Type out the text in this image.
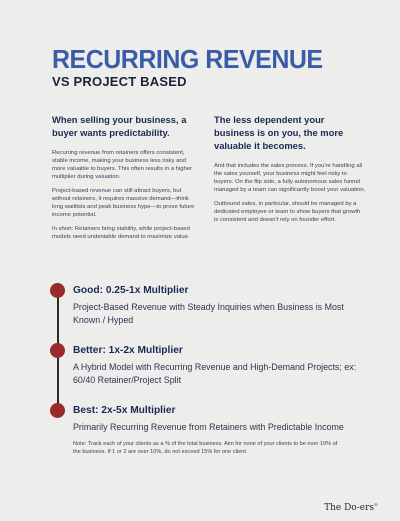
RECURRING REVENUE
VS PROJECT BASED
When selling your business, a buyer wants predictability.

Recurring revenue from retainers offers consistent, stable income, making your business less risky and more valuable to buyers. This often results in a higher multiplier during valuation.

Project-based revenue can still attract buyers, but without retainers, it requires massive demand—think long waitlists and peak business hype—to prove future income potential.

In short: Retainers bring stability, while project-based models need undeniable demand to maximize value.

The less dependent your business is on you, the more valuable it becomes.

And that includes the sales process. If you're handling all the sales yourself, your business might feel risky to buyers. On the flip side, a fully autonomous sales funnel managed by a team can significantly boost your valuation.

Outbound sales, in particular, should be managed by a dedicated employee or team to show buyers that growth is consistent and doesn't rely on founder effort.

Good: 0.25-1x Multiplier
Project-Based Revenue with Steady Inquiries when Business is Most Known / Hyped
Better: 1x-2x Multiplier
A Hybrid Model with Recurring Revenue and High-Demand Projects; ex: 60/40 Retainer/Project Split
Best: 2x-5x Multiplier
Primarily Recurring Revenue from Retainers with Predictable Income
Note: Track each of your clients as a % of the total business. Aim for none of your clients to be over 10% of the business. If 1 or 2 are over 10%, do not exceed 15% for one client.
The Do-ers®
